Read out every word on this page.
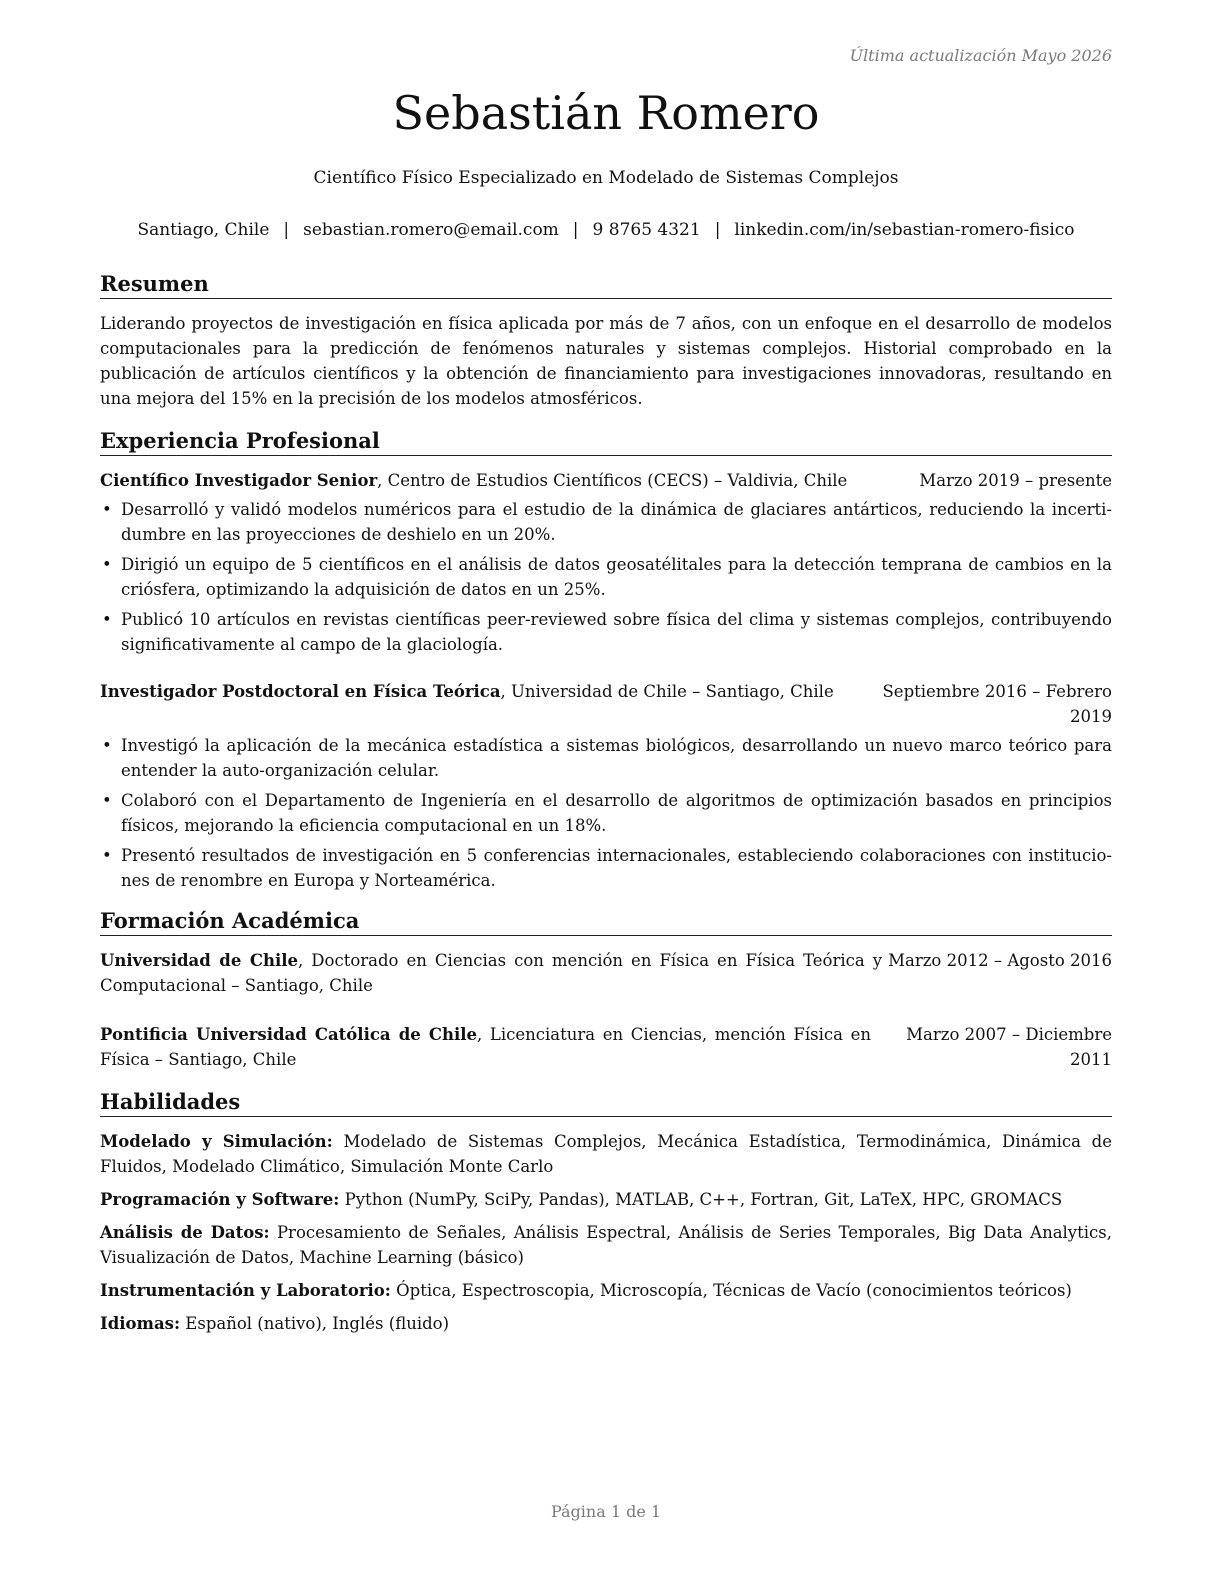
Última actualización Mayo 2026
Sebastián Romero
Científico Físico Especializado en Modelado de Sistemas Complejos
Santiago, Chile | sebastian.romero@email.com | 9 8765 4321 | linkedin.com/in/sebastian-romero-fisico
Resumen

Liderando proyectos de investigación en física aplicada por más de 7 años, con un enfoque en el desarrollo de modelos computacionales para la predicción de fenómenos naturales y sistemas complejos. Historial comprobado en la publicación de artículos científicos y la obtención de financiamiento para investigaciones innovadoras, resultando en una mejora del 15% en la precisión de los modelos atmosféricos.

Experiencia Profesional
Científico Investigador Senior, Centro de Estudios Científicos (CECS) – Valdivia, Chile	Marzo 2019 – presente
• Desarrolló y validó modelos numéricos para el estudio de la dinámica de glaciares antárticos, reduciendo la incertidumbre en las proyecciones de deshielo en un 20%.
• Dirigió un equipo de 5 científicos en el análisis de datos geosatélitales para la detección temprana de cambios en la criósfera, optimizando la adquisición de datos en un 25%.
• Publicó 10 artículos en revistas científicas peer-reviewed sobre física del clima y sistemas complejos, contribuyendo significativamente al campo de la glaciología.
Investigador Postdoctoral en Física Teórica, Universidad de Chile – Santiago, Chile	Septiembre 2016 – Febrero 2019
• Investigó la aplicación de la mecánica estadística a sistemas biológicos, desarrollando un nuevo marco teórico para entender la auto-organización celular.
• Colaboró con el Departamento de Ingeniería en el desarrollo de algoritmos de optimización basados en principios físicos, mejorando la eficiencia computacional en un 18%.
• Presentó resultados de investigación en 5 conferencias internacionales, estableciendo colaboraciones con instituciones de renombre en Europa y Norteamérica.
Formación Académica
Universidad de Chile, Doctorado en Ciencias con mención en Física en Física Teórica y Computacional – Santiago, Chile
Marzo 2012 – Agosto 2016
Pontificia Universidad Católica de Chile, Licenciatura en Ciencias, mención Física en Física – Santiago, Chile
Marzo 2007 – Diciembre 2011
Habilidades

Modelado y Simulación: Modelado de Sistemas Complejos, Mecánica Estadística, Termodinámica, Dinámica de Fluidos, Modelado Climático, Simulación Monte Carlo

Programación y Software: Python (NumPy, SciPy, Pandas), MATLAB, C++, Fortran, Git, LaTeX, HPC, GROMACS

Análisis de Datos: Procesamiento de Señales, Análisis Espectral, Análisis de Series Temporales, Big Data Analytics, Visualización de Datos, Machine Learning (básico)

Instrumentación y Laboratorio: Óptica, Espectroscopia, Microscopía, Técnicas de Vacío (conocimientos teóricos)

Idiomas: Español (nativo), Inglés (fluido)

Página 1 de 1
